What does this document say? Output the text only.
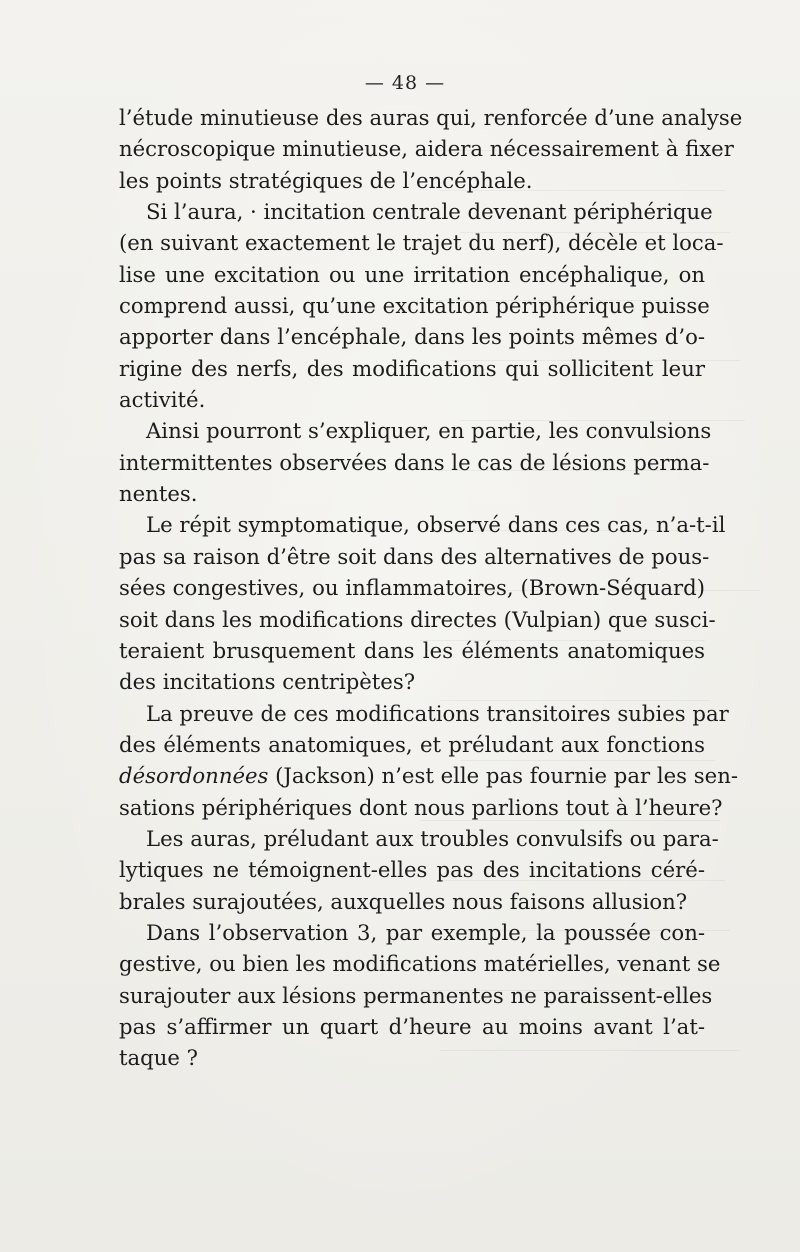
— 48 —
l’étude minutieuse des auras qui, renforcée d’une analyse
nécroscopique minutieuse, aidera nécessairement à fixer
les points stratégiques de l’encéphale.
Si l’aura, · incitation centrale devenant périphérique
(en suivant exactement le trajet du nerf), décèle et loca-
lise une excitation ou une irritation encéphalique, on
comprend aussi, qu’une excitation périphérique puisse
apporter dans l’encéphale, dans les points mêmes d’o-
rigine des nerfs, des modifications qui sollicitent leur
activité.
Ainsi pourront s’expliquer, en partie, les convulsions
intermittentes observées dans le cas de lésions perma-
nentes.
Le répit symptomatique, observé dans ces cas, n’a-t-il
pas sa raison d’être soit dans des alternatives de pous-
sées congestives, ou inflammatoires, (Brown-Séquard)
soit dans les modifications directes (Vulpian) que susci-
teraient brusquement dans les éléments anatomiques
des incitations centripètes?
La preuve de ces modifications transitoires subies par
des éléments anatomiques, et préludant aux fonctions
désordonnées (Jackson) n’est elle pas fournie par les sen-
sations périphériques dont nous parlions tout à l’heure?
Les auras, préludant aux troubles convulsifs ou para-
lytiques ne témoignent-elles pas des incitations céré-
brales surajoutées, auxquelles nous faisons allusion?
Dans l’observation 3, par exemple, la poussée con-
gestive, ou bien les modifications matérielles, venant se
surajouter aux lésions permanentes ne paraissent-elles
pas s’affirmer un quart d’heure au moins avant l’at-
taque ?
